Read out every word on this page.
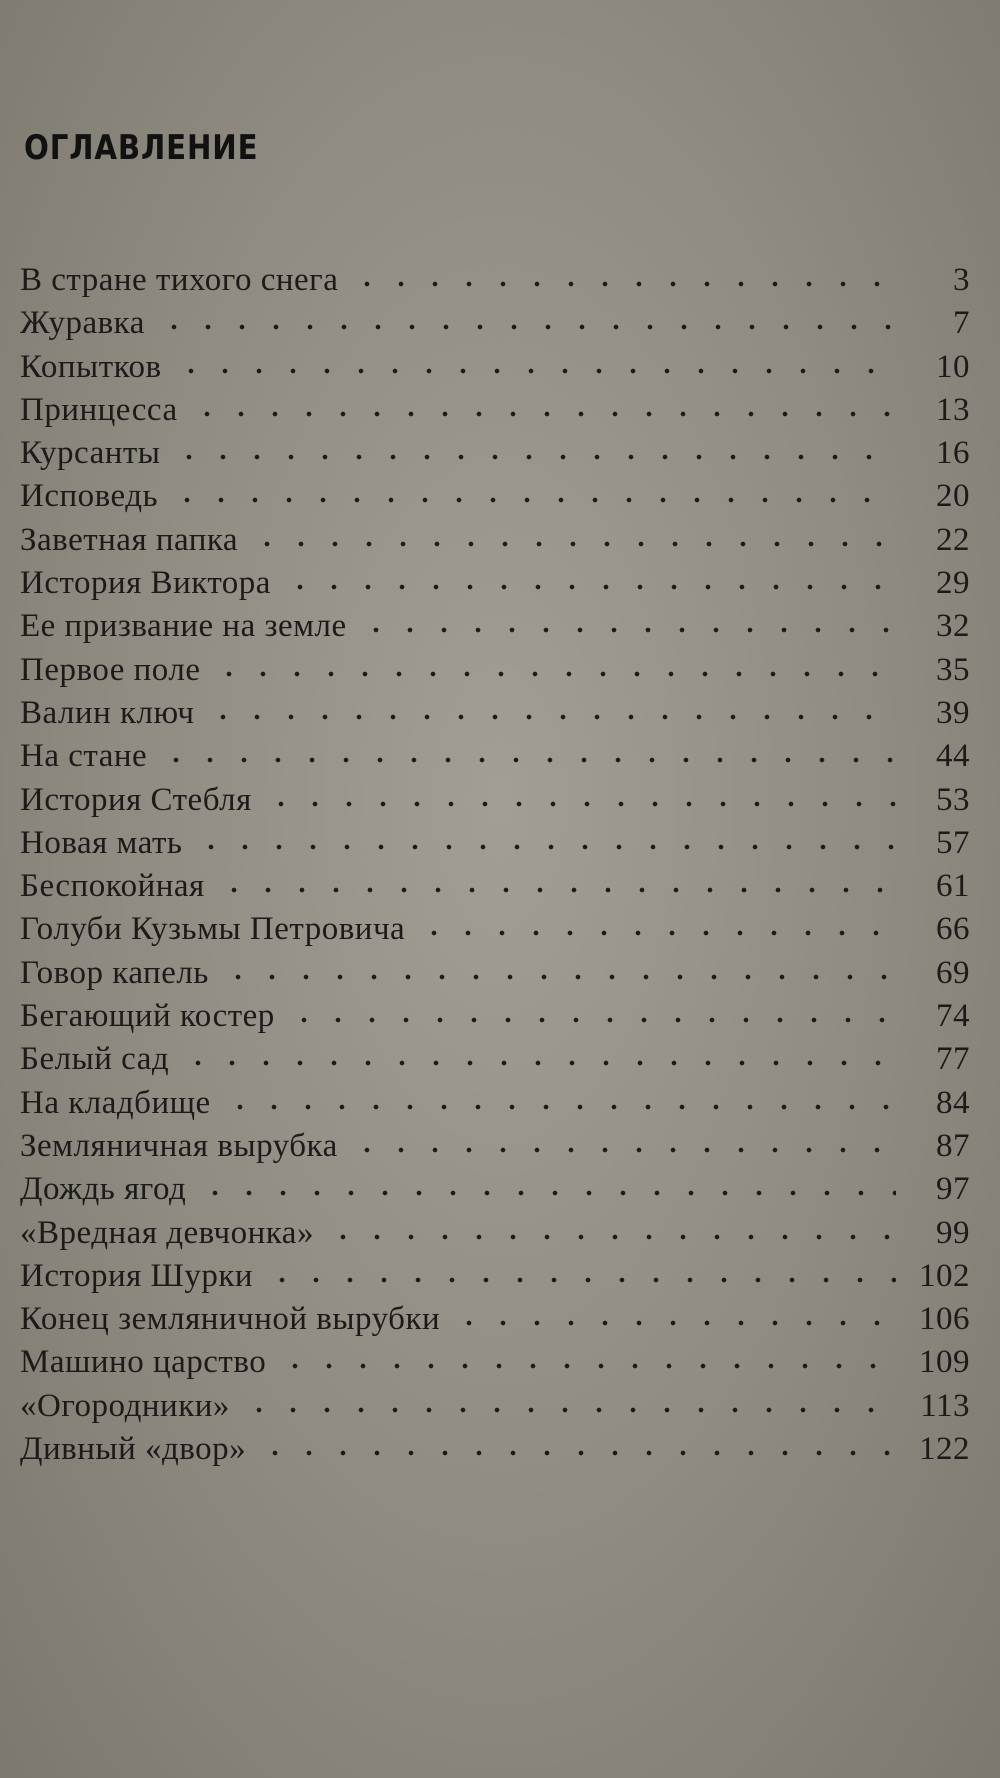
ОГЛАВЛЕНИЕ
В стране тихого снега	3
Журавка	7
Копытков	10
Принцесса	13
Курсанты	16
Исповедь	20
Заветная папка	22
История Виктора	29
Ее призвание на земле	32
Первое поле	35
Валин ключ	39
На стане	44
История Стебля	53
Новая мать	57
Беспокойная	61
Голуби Кузьмы Петровича	66
Говор капель	69
Бегающий костер	74
Белый сад	77
На кладбище	84
Земляничная вырубка	87
Дождь ягод	97
«Вредная девчонка»	99
История Шурки	102
Конец земляничной вырубки	106
Машино царство	109
«Огородники»	113
Дивный «двор»	122
